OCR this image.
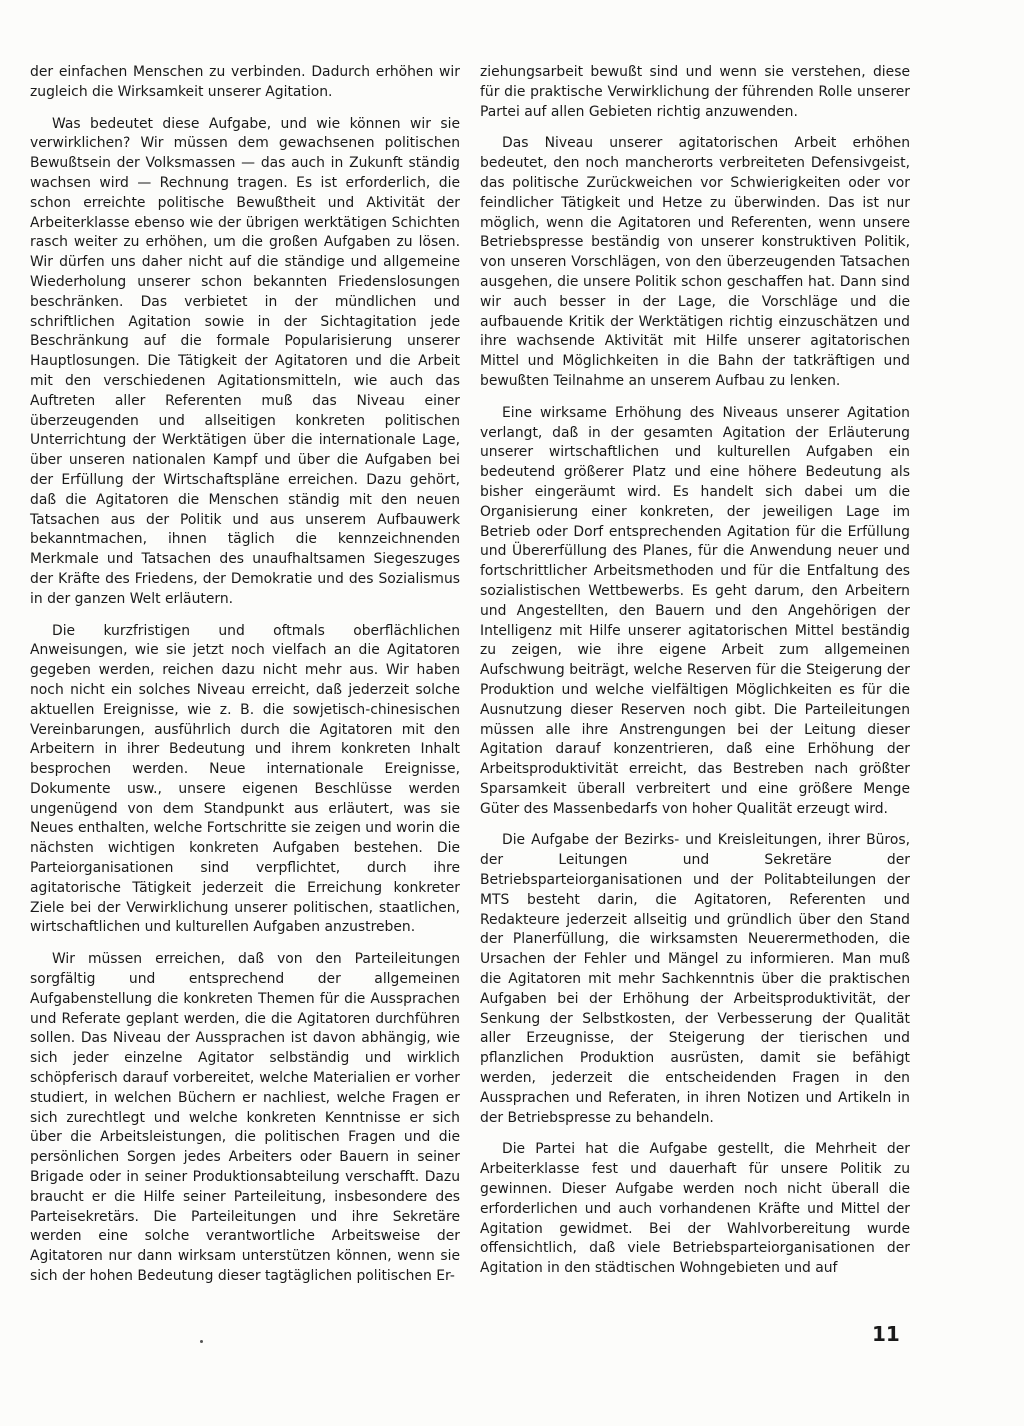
der einfachen Menschen zu verbinden. Dadurch erhöhen wir zugleich die Wirksamkeit unserer Agitation.

Was bedeutet diese Aufgabe, und wie können wir sie verwirklichen? Wir müssen dem gewachsenen politischen Bewußtsein der Volksmassen — das auch in Zukunft ständig wachsen wird — Rechnung tragen. Es ist erforderlich, die schon erreichte politische Bewußtheit und Aktivität der Arbeiterklasse ebenso wie der übrigen werktätigen Schichten rasch weiter zu erhöhen, um die großen Aufgaben zu lösen. Wir dürfen uns daher nicht auf die ständige und allgemeine Wiederholung unserer schon bekannten Friedenslosungen beschränken. Das verbietet in der mündlichen und schriftlichen Agitation sowie in der Sichtagitation jede Beschränkung auf die formale Popularisierung unserer Hauptlosungen. Die Tätigkeit der Agitatoren und die Arbeit mit den verschiedenen Agitationsmitteln, wie auch das Auftreten aller Referenten muß das Niveau einer überzeugenden und allseitigen konkreten politischen Unterrichtung der Werktätigen über die internationale Lage, über unseren nationalen Kampf und über die Aufgaben bei der Erfüllung der Wirtschaftspläne erreichen. Dazu gehört, daß die Agitatoren die Menschen ständig mit den neuen Tatsachen aus der Politik und aus unserem Aufbauwerk bekanntmachen, ihnen täglich die kennzeichnenden Merkmale und Tatsachen des unaufhaltsamen Siegeszuges der Kräfte des Friedens, der Demokratie und des Sozialismus in der ganzen Welt erläutern.

Die kurzfristigen und oftmals oberflächlichen Anweisungen, wie sie jetzt noch vielfach an die Agitatoren gegeben werden, reichen dazu nicht mehr aus. Wir haben noch nicht ein solches Niveau erreicht, daß jederzeit solche aktuellen Ereignisse, wie z. B. die sowjetisch-chinesischen Vereinbarungen, ausführlich durch die Agitatoren mit den Arbeitern in ihrer Bedeutung und ihrem konkreten Inhalt besprochen werden. Neue internationale Ereignisse, Dokumente usw., unsere eigenen Beschlüsse werden ungenügend von dem Standpunkt aus erläutert, was sie Neues enthalten, welche Fortschritte sie zeigen und worin die nächsten wichtigen konkreten Aufgaben bestehen. Die Parteiorganisationen sind verpflichtet, durch ihre agitatorische Tätigkeit jederzeit die Erreichung konkreter Ziele bei der Verwirklichung unserer politischen, staatlichen, wirtschaftlichen und kulturellen Aufgaben anzustreben.

Wir müssen erreichen, daß von den Parteileitungen sorgfältig und entsprechend der allgemeinen Aufgabenstellung die konkreten Themen für die Aussprachen und Referate geplant werden, die die Agitatoren durchführen sollen. Das Niveau der Aussprachen ist davon abhängig, wie sich jeder einzelne Agitator selbständig und wirklich schöpferisch darauf vorbereitet, welche Materialien er vorher studiert, in welchen Büchern er nachliest, welche Fragen er sich zurechtlegt und welche konkreten Kenntnisse er sich über die Arbeitsleistungen, die politischen Fragen und die persönlichen Sorgen jedes Arbeiters oder Bauern in seiner Brigade oder in seiner Produktionsabteilung verschafft. Dazu braucht er die Hilfe seiner Parteileitung, insbesondere des Parteisekretärs. Die Parteileitungen und ihre Sekretäre werden eine solche verantwortliche Arbeitsweise der Agitatoren nur dann wirksam unterstützen können, wenn sie sich der hohen Bedeutung dieser tagtäglichen politischen Er-

ziehungsarbeit bewußt sind und wenn sie verstehen, diese für die praktische Verwirklichung der führenden Rolle unserer Partei auf allen Gebieten richtig anzuwenden.

Das Niveau unserer agitatorischen Arbeit erhöhen bedeutet, den noch mancherorts verbreiteten Defensivgeist, das politische Zurückweichen vor Schwierigkeiten oder vor feindlicher Tätigkeit und Hetze zu überwinden. Das ist nur möglich, wenn die Agitatoren und Referenten, wenn unsere Betriebspresse beständig von unserer konstruktiven Politik, von unseren Vorschlägen, von den überzeugenden Tatsachen ausgehen, die unsere Politik schon geschaffen hat. Dann sind wir auch besser in der Lage, die Vorschläge und die aufbauende Kritik der Werktätigen richtig einzuschätzen und ihre wachsende Aktivität mit Hilfe unserer agitatorischen Mittel und Möglichkeiten in die Bahn der tatkräftigen und bewußten Teilnahme an unserem Aufbau zu lenken.

Eine wirksame Erhöhung des Niveaus unserer Agitation verlangt, daß in der gesamten Agitation der Erläuterung unserer wirtschaftlichen und kulturellen Aufgaben ein bedeutend größerer Platz und eine höhere Bedeutung als bisher eingeräumt wird. Es handelt sich dabei um die Organisierung einer konkreten, der jeweiligen Lage im Betrieb oder Dorf entsprechenden Agitation für die Erfüllung und Übererfüllung des Planes, für die Anwendung neuer und fortschrittlicher Arbeitsmethoden und für die Entfaltung des sozialistischen Wettbewerbs. Es geht darum, den Arbeitern und Angestellten, den Bauern und den Angehörigen der Intelligenz mit Hilfe unserer agitatorischen Mittel beständig zu zeigen, wie ihre eigene Arbeit zum allgemeinen Aufschwung beiträgt, welche Reserven für die Steigerung der Produktion und welche vielfältigen Möglichkeiten es für die Ausnutzung dieser Reserven noch gibt. Die Parteileitungen müssen alle ihre Anstrengungen bei der Leitung dieser Agitation darauf konzentrieren, daß eine Erhöhung der Arbeitsproduktivität erreicht, das Bestreben nach größter Sparsamkeit überall verbreitert und eine größere Menge Güter des Massenbedarfs von hoher Qualität erzeugt wird.

Die Aufgabe der Bezirks- und Kreisleitungen, ihrer Büros, der Leitungen und Sekretäre der Betriebsparteiorganisationen und der Politabteilungen der MTS besteht darin, die Agitatoren, Referenten und Redakteure jederzeit allseitig und gründlich über den Stand der Planerfüllung, die wirksamsten Neuerermethoden, die Ursachen der Fehler und Mängel zu informieren. Man muß die Agitatoren mit mehr Sachkenntnis über die praktischen Aufgaben bei der Erhöhung der Arbeitsproduktivität, der Senkung der Selbstkosten, der Verbesserung der Qualität aller Erzeugnisse, der Steigerung der tierischen und pflanzlichen Produktion ausrüsten, damit sie befähigt werden, jederzeit die entscheidenden Fragen in den Aussprachen und Referaten, in ihren Notizen und Artikeln in der Betriebspresse zu behandeln.

Die Partei hat die Aufgabe gestellt, die Mehrheit der Arbeiterklasse fest und dauerhaft für unsere Politik zu gewinnen. Dieser Aufgabe werden noch nicht überall die erforderlichen und auch vorhandenen Kräfte und Mittel der Agitation gewidmet. Bei der Wahlvorbereitung wurde offensichtlich, daß viele Betriebsparteiorganisationen der Agitation in den städtischen Wohngebieten und auf

11
